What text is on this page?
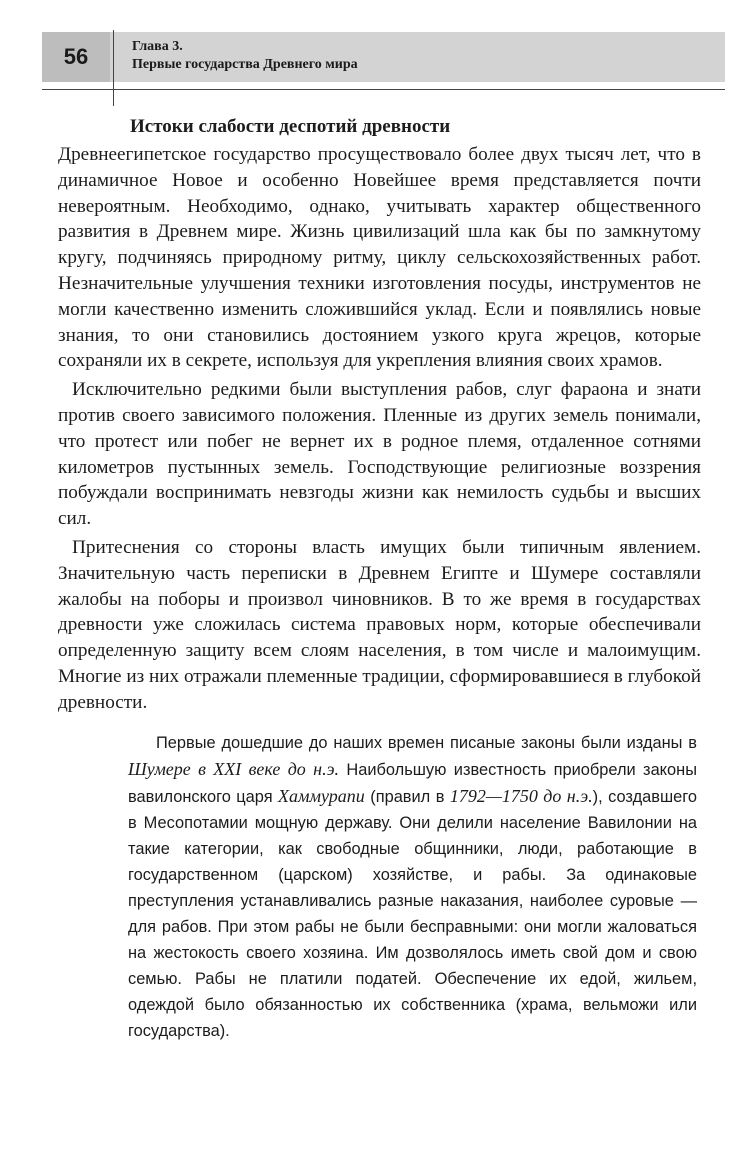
56	Глава 3.
Первые государства Древнего мира
Истоки слабости деспотий древности

Древнеегипетское государство просуществовало более двух тысяч лет, что в динамичное Новое и особенно Новейшее время представляется почти невероятным. Необходимо, однако, учитывать характер общественного развития в Древнем мире. Жизнь цивилизаций шла как бы по замкнутому кругу, подчиняясь природному ритму, циклу сельскохозяйственных работ. Незначительные улучшения техники изготовления посуды, инструментов не могли качественно изменить сложившийся уклад. Если и появлялись новые знания, то они становились достоянием узкого круга жрецов, которые сохраняли их в секрете, используя для укрепления влияния своих храмов.

Исключительно редкими были выступления рабов, слуг фараона и знати против своего зависимого положения. Пленные из других земель понимали, что протест или побег не вернет их в родное племя, отдаленное сотнями километров пустынных земель. Господствующие религиозные воззрения побуждали воспринимать невзгоды жизни как немилость судьбы и высших сил.

Притеснения со стороны власть имущих были типичным явлением. Значительную часть переписки в Древнем Египте и Шумере составляли жалобы на поборы и произвол чиновников. В то же время в государствах древности уже сложилась система правовых норм, которые обеспечивали определенную защиту всем слоям населения, в том числе и малоимущим. Многие из них отражали племенные традиции, сформировавшиеся в глубокой древности.

Первые дошедшие до наших времен писаные законы были изданы в Шумере в XXI веке до н.э. Наибольшую известность приобрели законы вавилонского царя Хаммурапи (правил в 1792—1750 до н.э.), создавшего в Месопотамии мощную державу. Они делили население Вавилонии на такие категории, как свободные общинники, люди, работающие в государственном (царском) хозяйстве, и рабы. За одинаковые преступления устанавливались разные наказания, наиболее суровые — для рабов. При этом рабы не были бесправными: они могли жаловаться на жестокость своего хозяина. Им дозволялось иметь свой дом и свою семью. Рабы не платили податей. Обеспечение их едой, жильем, одеждой было обязанностью их собственника (храма, вельможи или государства).
